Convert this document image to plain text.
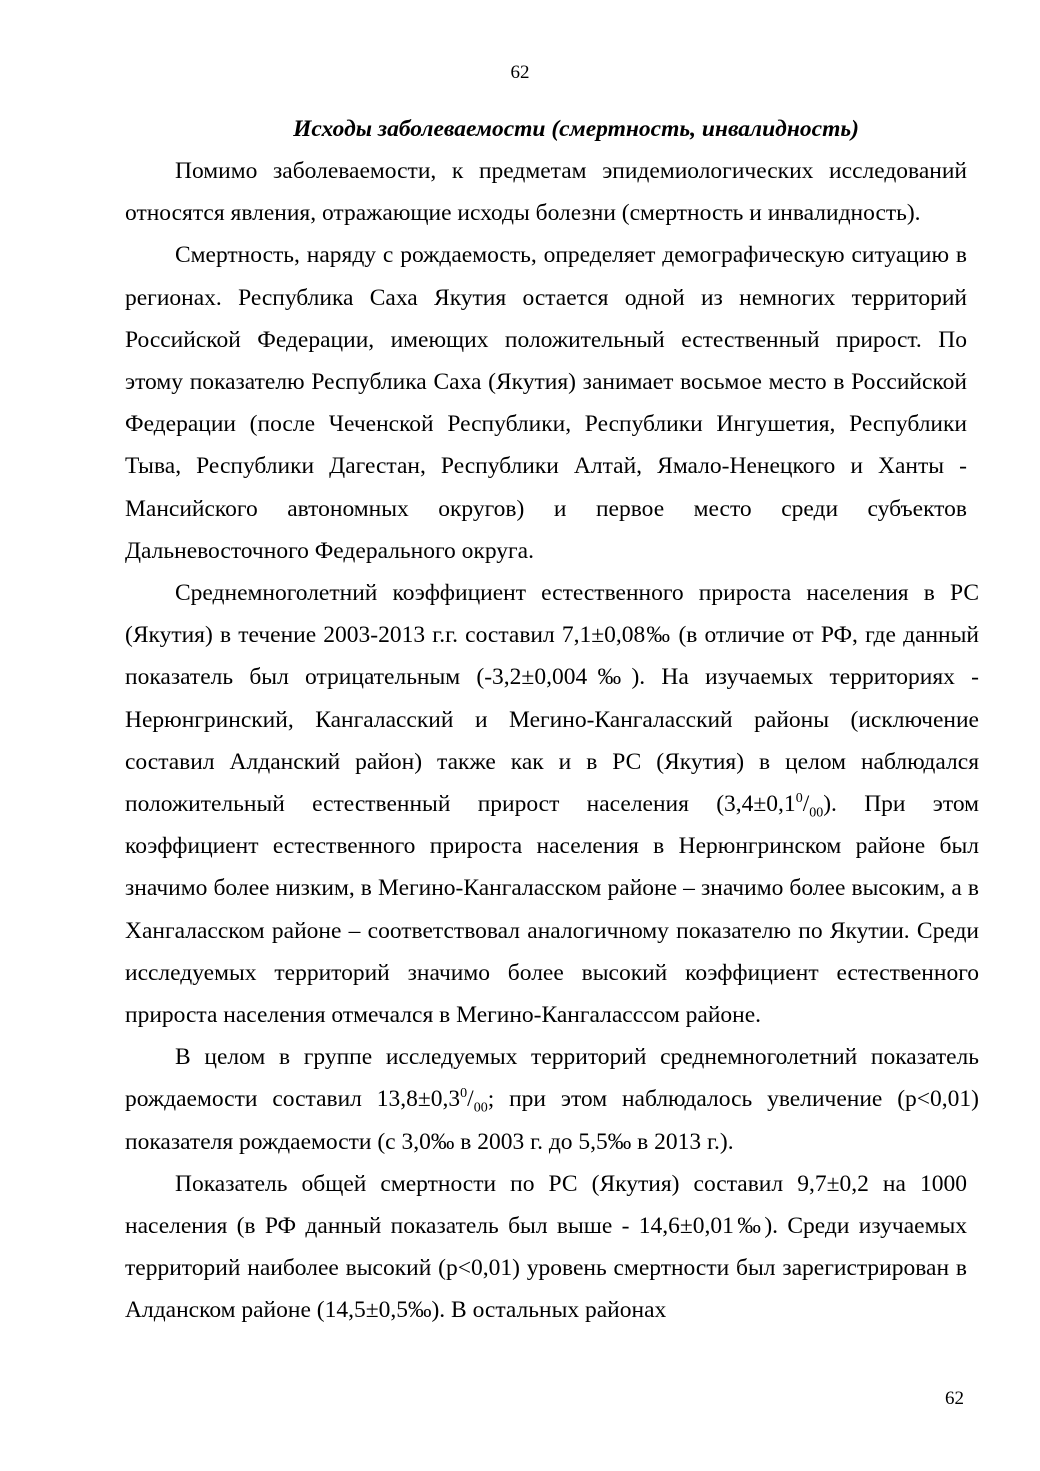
62
Исходы заболеваемости (смертность, инвалидность)

Помимо заболеваемости, к предметам эпидемиологических исследований относятся явления, отражающие исходы болезни (смертность и инвалидность).

Смертность, наряду с рождаемость, определяет демографическую ситуацию в регионах. Республика Саха Якутия остается одной из немногих территорий Российской Федерации, имеющих положительный естественный прирост. По этому показателю Республика Саха (Якутия) занимает восьмое место в Российской Федерации (после Чеченской Республики, Республики Ингушетия, Республики Тыва, Республики Дагестан, Республики Алтай, Ямало-Ненецкого и Ханты - Мансийского автономных округов) и первое место среди субъектов Дальневосточного Федерального округа.

Среднемноголетний коэффициент естественного прироста населения в РС (Якутия) в течение 2003-2013 г.г. составил 7,1±0,08‰ (в отличие от РФ, где данный показатель был отрицательным (-3,2±0,004‰). На изучаемых территориях - Нерюнгринский, Кангаласский и Мегино-Кангаласский районы (исключение составил Алданский район) также как и в РС (Якутия) в целом наблюдался положительный естественный прирост населения $(3,4\pm 0,1^0/_{00})$. При этом коэффициент естественного прироста населения в Нерюнгринском районе был значимо более низким, в Мегино-Кангаласском районе – значимо более высоким, а в Хангаласском районе – соответствовал аналогичному показателю по Якутии. Среди исследуемых территорий значимо более высокий коэффициент естественного прироста населения отмечался в Мегино-Кангаласссом районе.

В целом в группе исследуемых территорий среднемноголетний показатель рождаемости составил $13,8\pm 0,3^0/_{00}$; при этом наблюдалось увеличение (р<0,01) показателя рождаемости (с 3,0‰ в 2003 г. до 5,5‰ в 2013 г.).

Показатель общей смертности по РС (Якутия) составил 9,7±0,2 на 1000 населения (в РФ данный показатель был выше - 14,6±0,01‰). Среди изучаемых территорий наиболее высокий (р<0,01) уровень смертности был зарегистрирован в Алданском районе (14,5±0,5‰). В остальных районах

62
